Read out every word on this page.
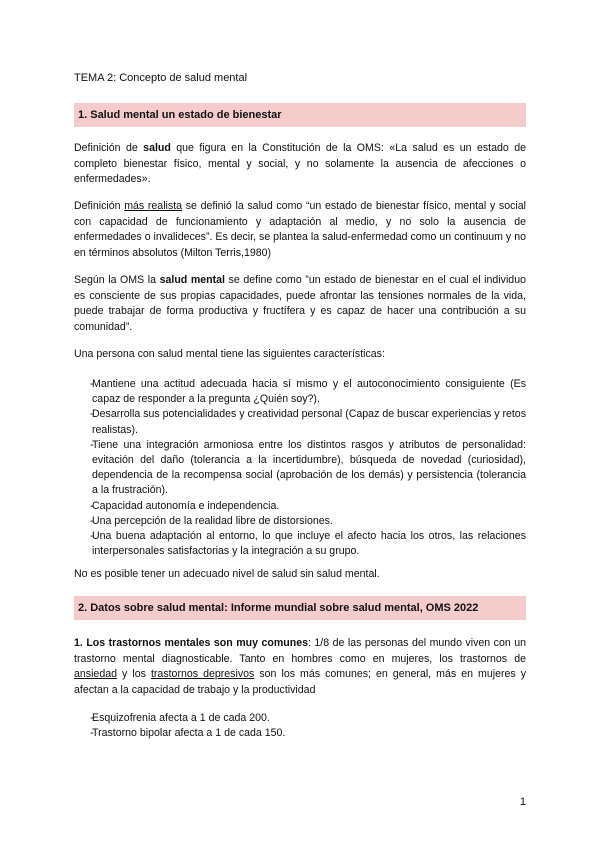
TEMA 2: Concepto de salud mental
1. Salud mental un estado de bienestar

Definición de salud que figura en la Constitución de la OMS: «La salud es un estado de completo bienestar físico, mental y social, y no solamente la ausencia de afecciones o enfermedades».

Definición más realista se definió la salud como “un estado de bienestar físico, mental y social con capacidad de funcionamiento y adaptación al medio, y no solo la ausencia de enfermedades o invalideces”. Es decir, se plantea la salud-enfermedad como un continuum y no en términos absolutos (Milton Terris,1980)

Según la OMS la salud mental se define como ”un estado de bienestar en el cual el individuo es consciente de sus propias capacidades, puede afrontar las tensiones normales de la vida, puede trabajar de forma productiva y fructífera y es capaz de hacer una contribución a su comunidad”.

Una persona con salud mental tiene las siguientes características:

- Mantiene una actitud adecuada hacia sí mismo y el autoconocimiento consiguiente (Es capaz de responder a la pregunta ¿Quién soy?).
- Desarrolla sus potencialidades y creatividad personal (Capaz de buscar experiencias y retos realistas).
- Tiene una integración armoniosa entre los distintos rasgos y atributos de personalidad: evitación del daño (tolerancia a la incertidumbre), búsqueda de novedad (curiosidad), dependencia de la recompensa social (aprobación de los demás) y persistencia (tolerancia a la frustración).
- Capacidad autonomía e independencia.
- Una percepción de la realidad libre de distorsiones.
- Una buena adaptación al entorno, lo que incluye el afecto hacia los otros, las relaciones interpersonales satisfactorias y la integración a su grupo.

No es posible tener un adecuado nivel de salud sin salud mental.

2. Datos sobre salud mental: Informe mundial sobre salud mental, OMS 2022

1. Los trastornos mentales son muy comunes: 1/8 de las personas del mundo viven con un trastorno mental diagnosticable. Tanto en hombres como en mujeres, los trastornos de ansiedad y los trastornos depresivos son los más comunes; en general, más en mujeres y afectan a la capacidad de trabajo y la productividad

- Esquizofrenia afecta a 1 de cada 200.
- Trastorno bipolar afecta a 1 de cada 150.
1
